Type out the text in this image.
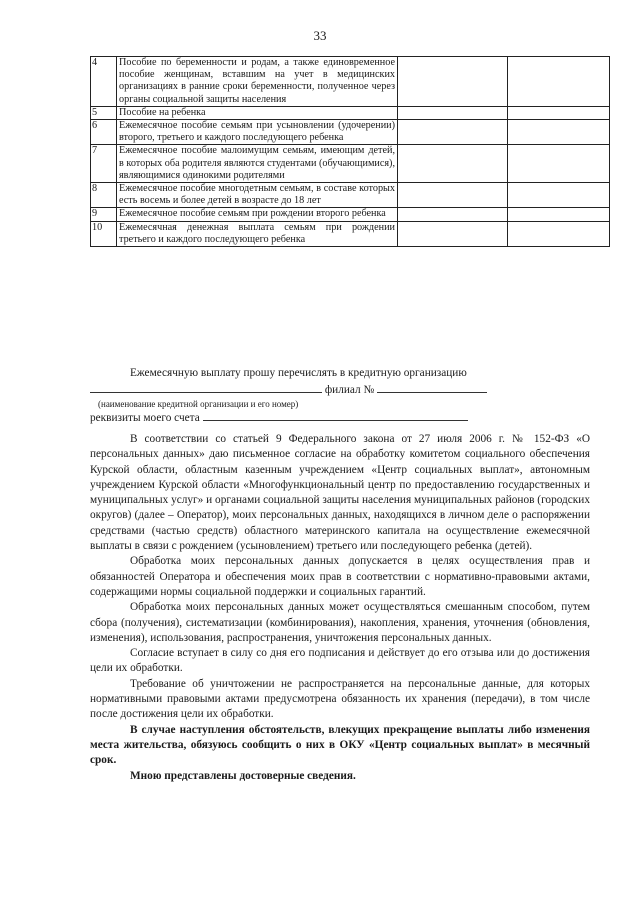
33
4	Пособие по беременности и родам, а также единовременное пособие женщинам, вставшим на учет в медицинских организациях в ранние сроки беременности, полученное через органы социальной защиты населения		
5	Пособие на ребенка		
6	Ежемесячное пособие семьям при усыновлении (удочерении) второго, третьего и каждого последующего ребенка		
7	Ежемесячное пособие малоимущим семьям, имеющим детей, в которых оба родителя являются студентами (обучающимися), являющимися одинокими родителями		
8	Ежемесячное пособие многодетным семьям, в составе которых есть восемь и более детей в возрасте до 18 лет		
9	Ежемесячное пособие семьям при рождении второго ребенка		
10	Ежемесячная денежная выплата семьям при рождении третьего и каждого последующего ребенка		

Ежемесячную выплату прошу перечислять в кредитную организацию

филиал №

(наименование кредитной организации и его номер)

реквизиты моего счета

В соответствии со статьей 9 Федерального закона от 27 июля 2006 г. № 152-ФЗ «О персональных данных» даю письменное согласие на обработку комитетом социального обеспечения Курской области, областным казенным учреждением «Центр социальных выплат», автономным учреждением Курской области «Многофункциональный центр по предоставлению государственных и муниципальных услуг» и органами социальной защиты населения муниципальных районов (городских округов) (далее – Оператор), моих персональных данных, находящихся в личном деле о распоряжении средствами (частью средств) областного материнского капитала на осуществление ежемесячной выплаты в связи с рождением (усыновлением) третьего или последующего ребенка (детей).

Обработка моих персональных данных допускается в целях осуществления прав и обязанностей Оператора и обеспечения моих прав в соответствии с нормативно-правовыми актами, содержащими нормы социальной поддержки и социальных гарантий.

Обработка моих персональных данных может осуществляться смешанным способом, путем сбора (получения), систематизации (комбинирования), накопления, хранения, уточнения (обновления, изменения), использования, распространения, уничтожения персональных данных.

Согласие вступает в силу со дня его подписания и действует до его отзыва или до достижения цели их обработки.

Требование об уничтожении не распространяется на персональные данные, для которых нормативными правовыми актами предусмотрена обязанность их хранения (передачи), в том числе после достижения цели их обработки.

В случае наступления обстоятельств, влекущих прекращение выплаты либо изменения места жительства, обязуюсь сообщить о них в ОКУ «Центр социальных выплат» в месячный срок.

Мною представлены достоверные сведения.
